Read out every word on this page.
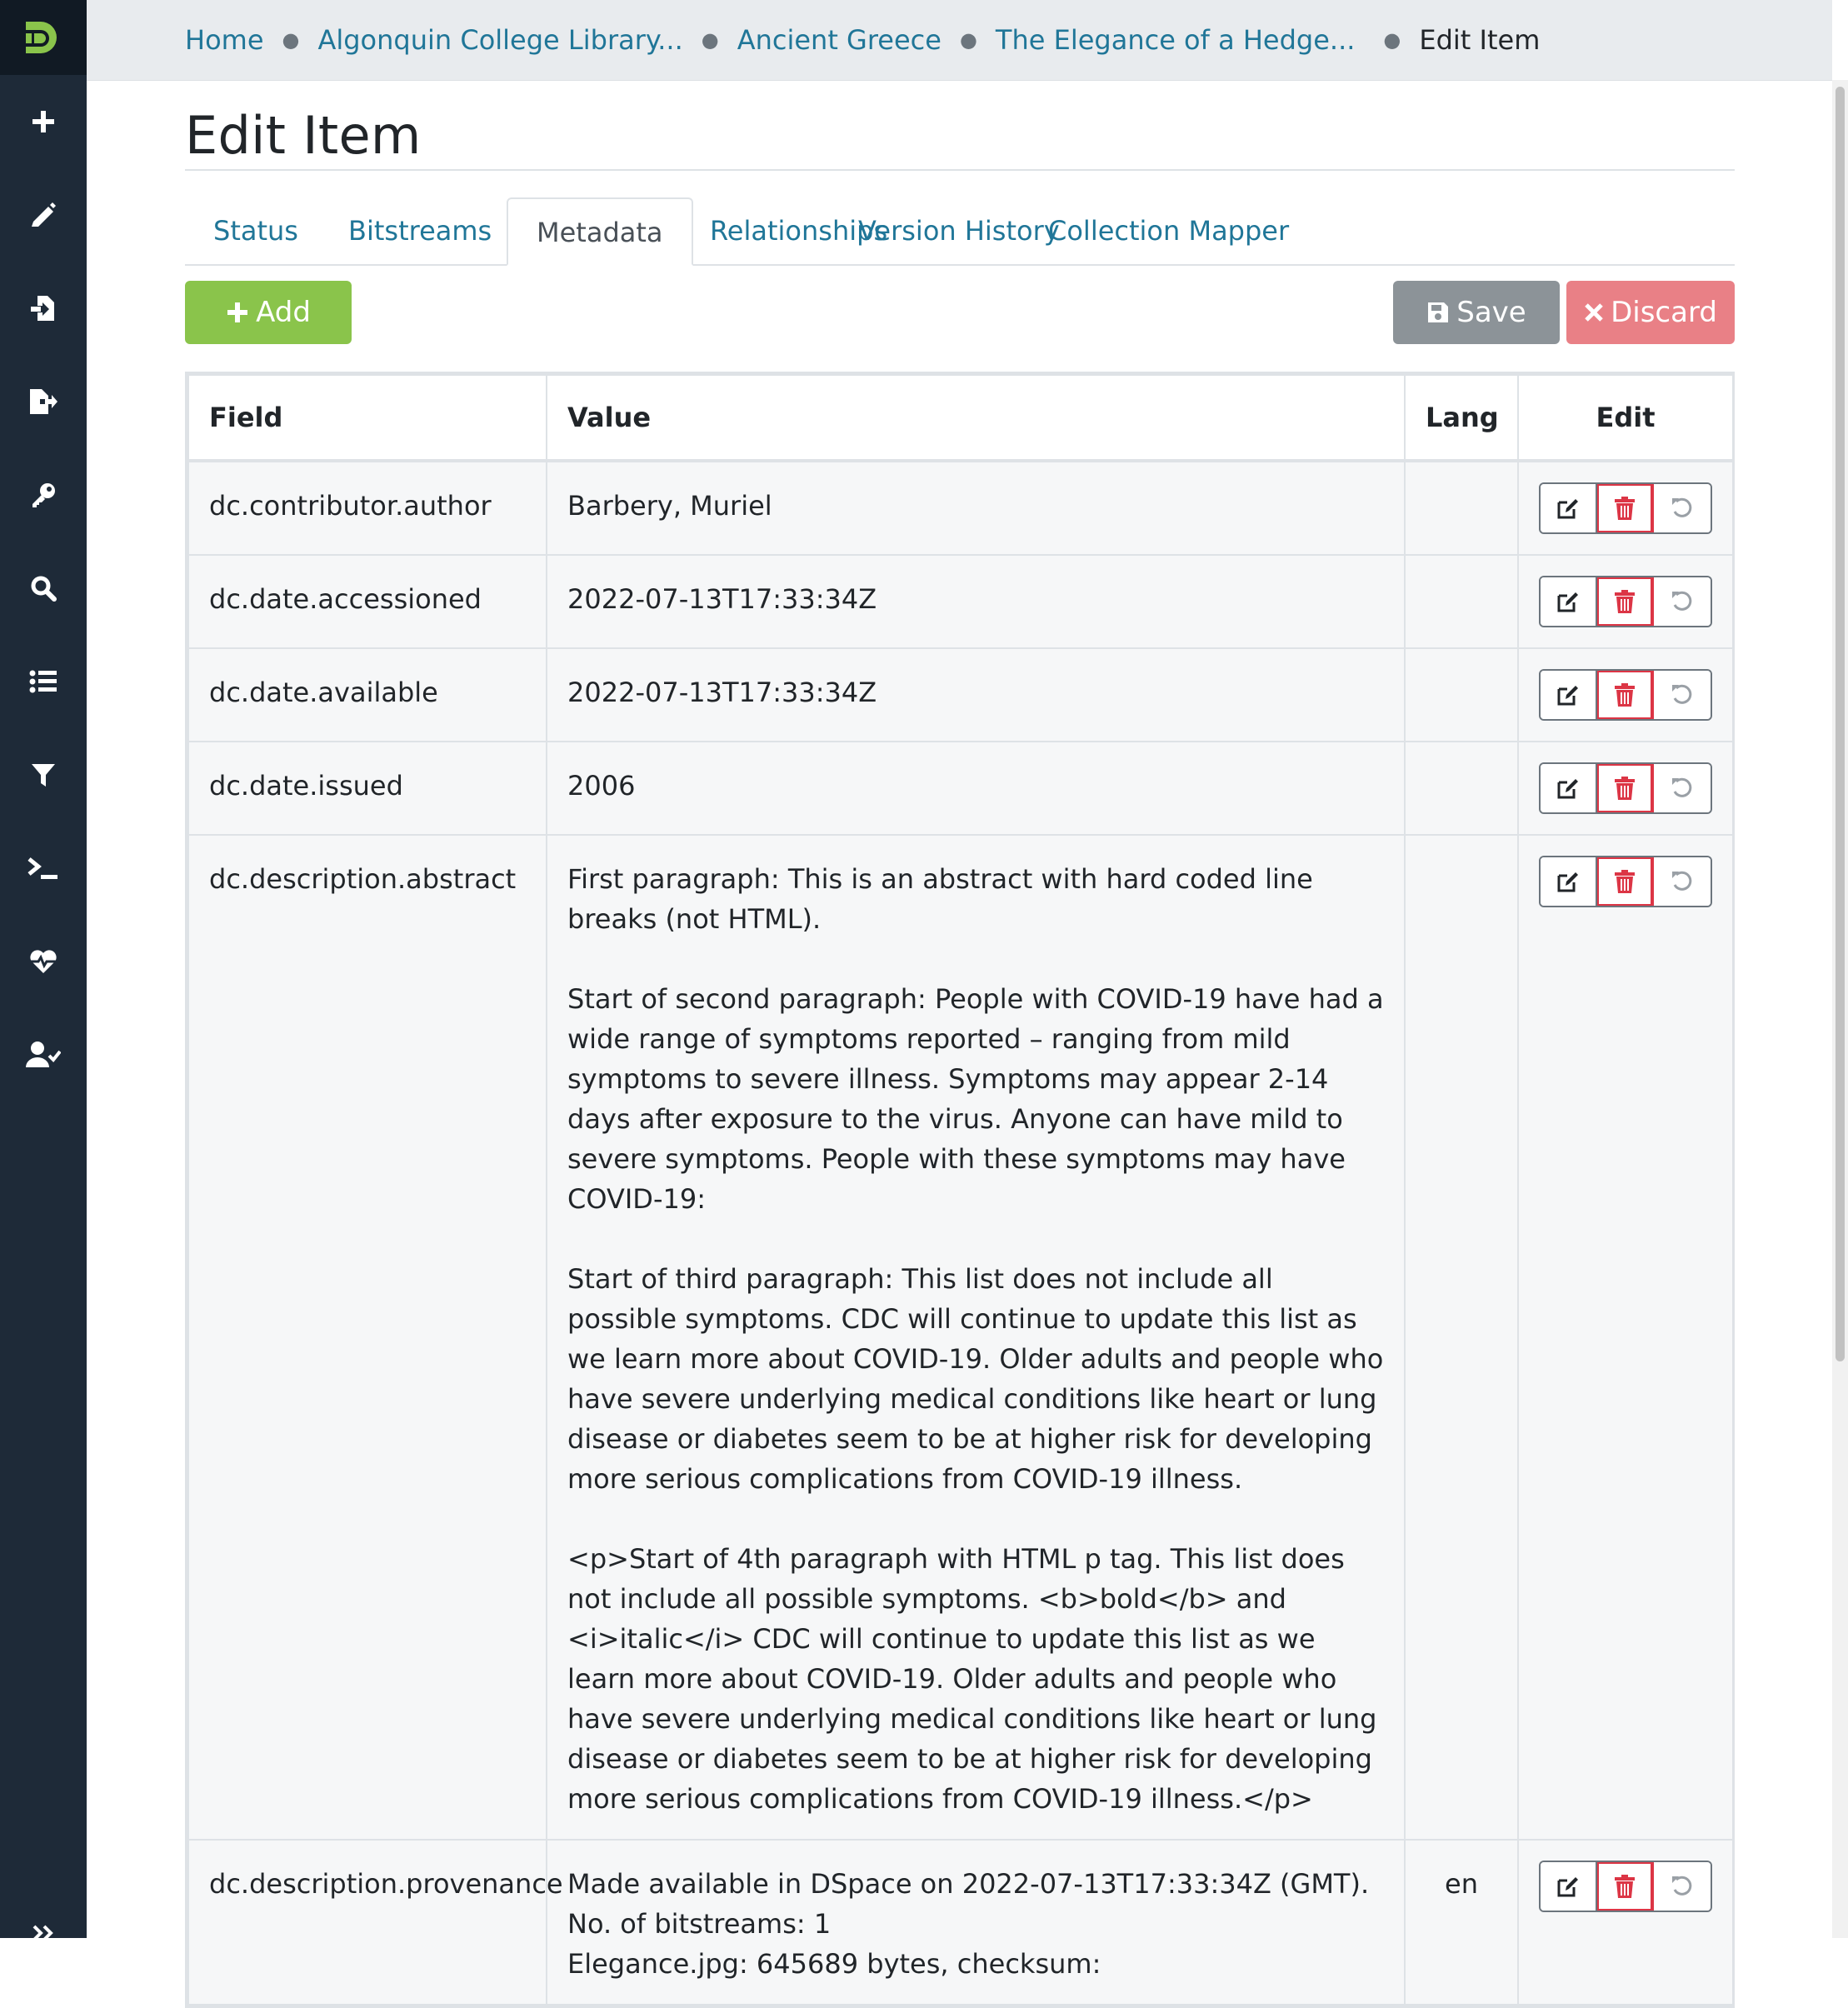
Home ● Algonquin College Library... ● Ancient Greece ● The Elegance of a Hedge... ● Edit Item
Edit Item
Status	Bitstreams	Metadata	Relationships
Version History
Collection Mapper
Add	Save	Discard
Field	Value	Lang	Edit
dc.contributor.author	Barbery, Muriel		

dc.date.accessioned	2022-07-13T17:33:34Z		

dc.date.available	2022-07-13T17:33:34Z		

dc.date.issued	2006		

dc.description.abstract	First paragraph: This is an abstract with hard coded line breaks (not HTML).

Start of second paragraph: People with COVID-19 have had a wide range of symptoms reported – ranging from mild symptoms to severe illness. Symptoms may appear 2-14 days after exposure to the virus. Anyone can have mild to severe symptoms. People with these symptoms may have COVID-19:

Start of third paragraph: This list does not include all possible symptoms. CDC will continue to update this list as we learn more about COVID-19. Older adults and people who have severe underlying medical conditions like heart or lung disease or diabetes seem to be at higher risk for developing more serious complications from COVID-19 illness.

<p>Start of 4th paragraph with HTML p tag. This list does not include all possible symptoms. <b>bold</b> and <i>italic</i> CDC will continue to update this list as we learn more about COVID-19. Older adults and people who have severe underlying medical conditions like heart or lung disease or diabetes seem to be at higher risk for developing more serious complications from COVID-19 illness.</p>		

dc.description.provenance	Made available in DSpace on 2022-07-13T17:33:34Z (GMT). No. of bitstreams: 1
Elegance.jpg: 645689 bytes, checksum:	en	
